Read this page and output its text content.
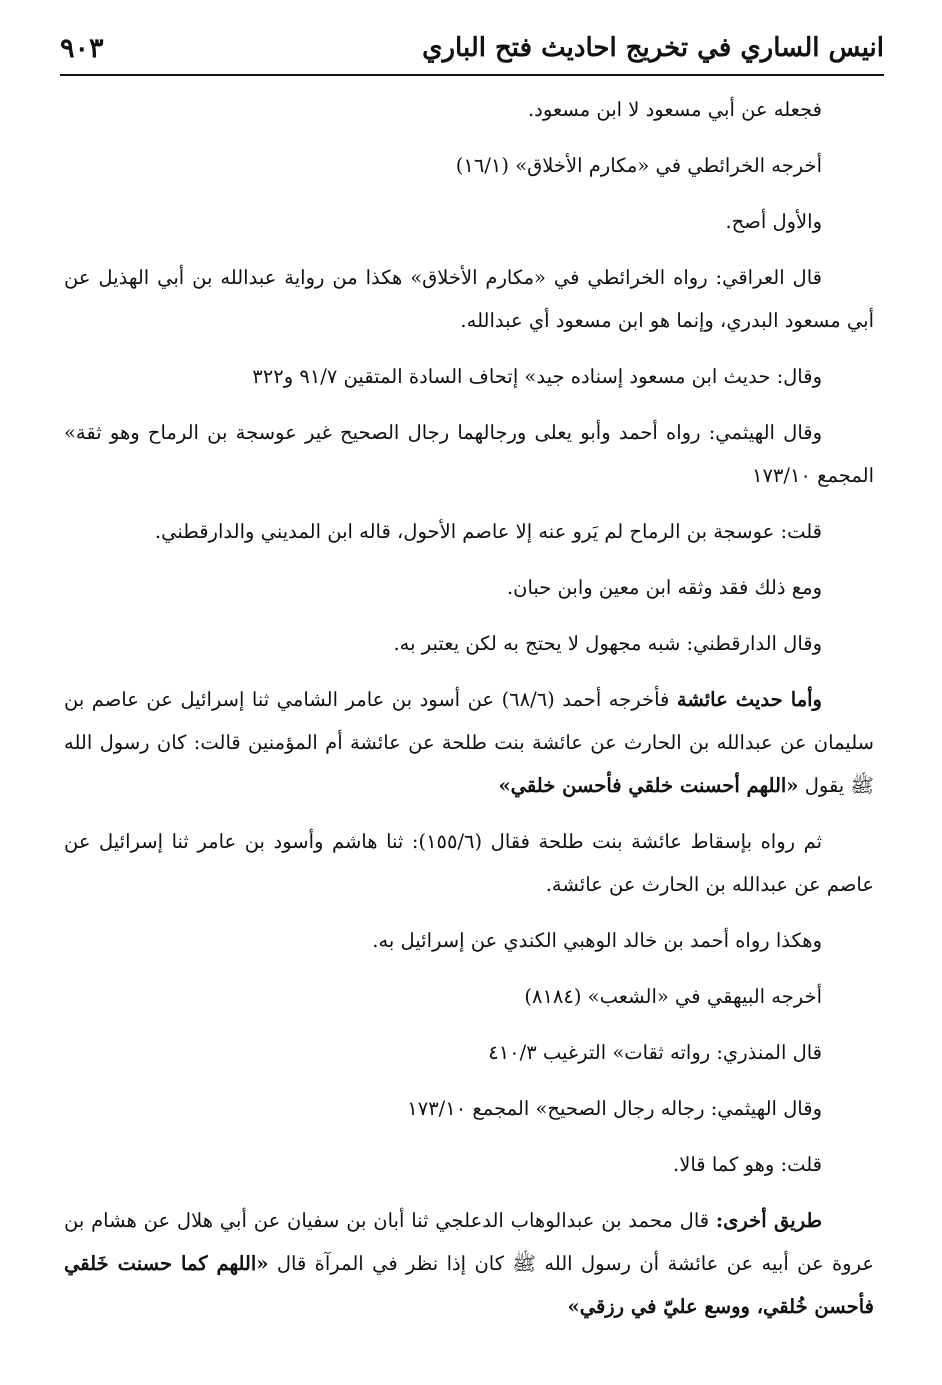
انيس الساري في تخريج احاديث فتح الباري
٩٠٣

فجعله عن أبي مسعود لا ابن مسعود.

أخرجه الخرائطي في «مكارم الأخلاق» (١٦/١)

والأول أصح.

قال العراقي: رواه الخرائطي في «مكارم الأخلاق» هكذا من رواية عبدالله بن أبي الهذيل عن أبي مسعود البدري، وإنما هو ابن مسعود أي عبدالله.

وقال: حديث ابن مسعود إسناده جيد» إتحاف السادة المتقين ٩١/٧ و٣٢٢

وقال الهيثمي: رواه أحمد وأبو يعلى ورجالهما رجال الصحيح غير عوسجة بن الرماح وهو ثقة» المجمع ١٧٣/١٠

قلت: عوسجة بن الرماح لم يَرو عنه إلا عاصم الأحول، قاله ابن المديني والدارقطني.

ومع ذلك فقد وثقه ابن معين وابن حبان.

وقال الدارقطني: شبه مجهول لا يحتج به لكن يعتبر به.

وأما حديث عائشة فأخرجه أحمد (٦٨/٦) عن أسود بن عامر الشامي ثنا إسرائيل عن عاصم بن سليمان عن عبدالله بن الحارث عن عائشة بنت طلحة عن عائشة أم المؤمنين قالت: كان رسول الله ﷺ يقول «اللهم أحسنت خلقي فأحسن خلقي»

ثم رواه بإسقاط عائشة بنت طلحة فقال (١٥٥/٦): ثنا هاشم وأسود بن عامر ثنا إسرائيل عن عاصم عن عبدالله بن الحارث عن عائشة.

وهكذا رواه أحمد بن خالد الوهبي الكندي عن إسرائيل به.

أخرجه البيهقي في «الشعب» (٨١٨٤)

قال المنذري: رواته ثقات» الترغيب ٤١٠/٣

وقال الهيثمي: رجاله رجال الصحيح» المجمع ١٧٣/١٠

قلت: وهو كما قالا.

طريق أخرى: قال محمد بن عبدالوهاب الدعلجي ثنا أبان بن سفيان عن أبي هلال عن هشام بن عروة عن أبيه عن عائشة أن رسول الله ﷺ كان إذا نظر في المرآة قال «اللهم كما حسنت خَلقي فأحسن خُلقي، ووسع عليّ في رزقي»
